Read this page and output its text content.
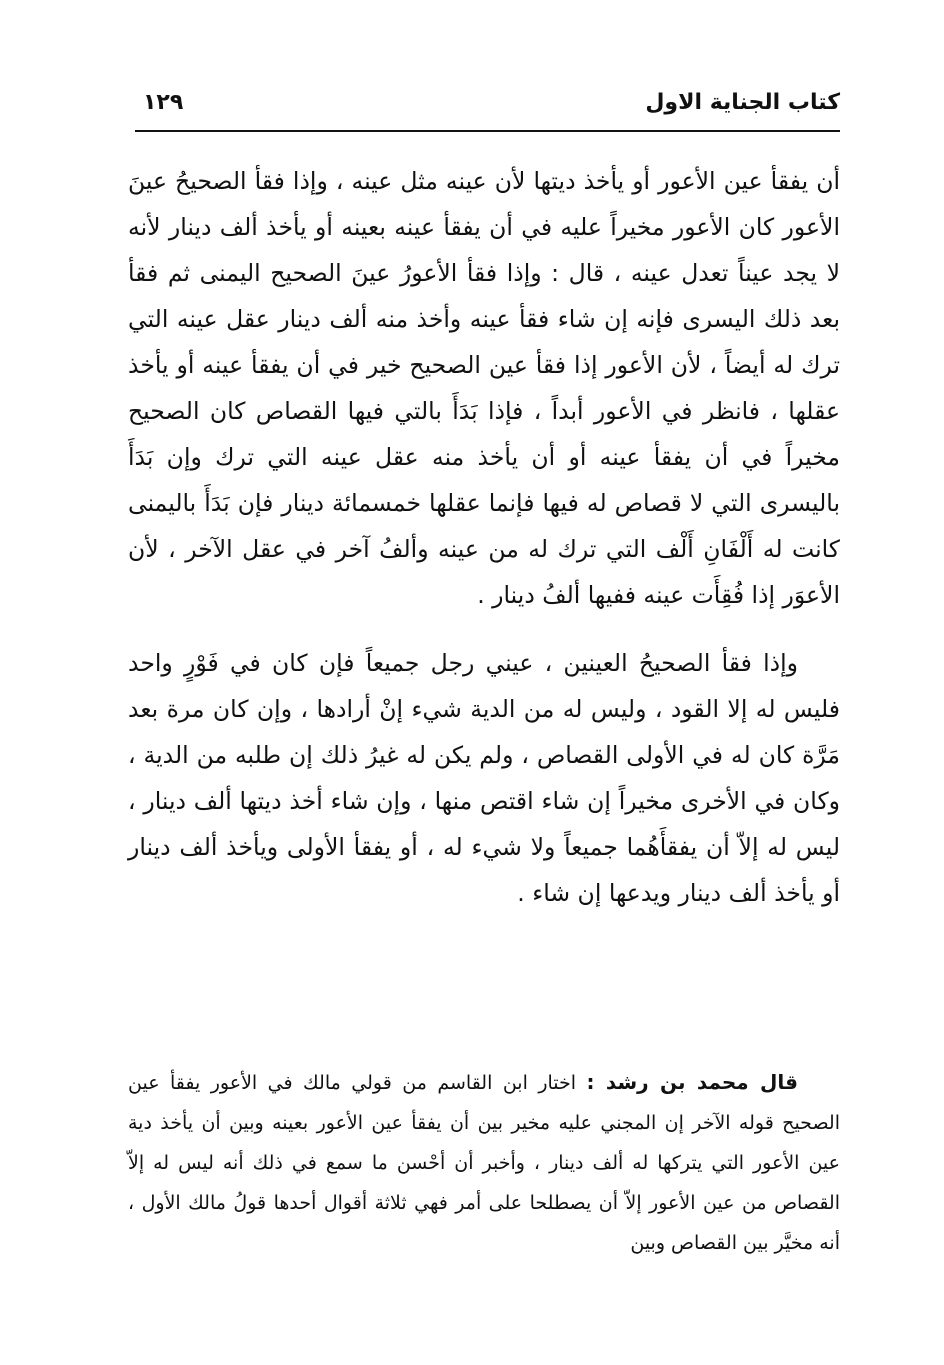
كتاب الجناية الاول
١٢٩

أن يفقأ عين الأعور أو يأخذ ديتها لأن عينه مثل عينه ، وإذا فقأ الصحيحُ عينَ الأعور كان الأعور مخيراً عليه في أن يفقأ عينه بعينه أو يأخذ ألف دينار لأنه لا يجد عيناً تعدل عينه ، قال : وإذا فقأ الأعورُ عينَ الصحيح اليمنى ثم فقأ بعد ذلك اليسرى فإنه إن شاء فقأ عينه وأخذ منه ألف دينار عقل عينه التي ترك له أيضاً ، لأن الأعور إذا فقأ عين الصحيح خير في أن يفقأ عينه أو يأخذ عقلها ، فانظر في الأعور أبداً ، فإذا بَدَأَ بالتي فيها القصاص كان الصحيح مخيراً في أن يفقأ عينه أو أن يأخذ منه عقل عينه التي ترك وإن بَدَأَ باليسرى التي لا قصاص له فيها فإنما عقلها خمسمائة دينار فإن بَدَأَ باليمنى كانت له أَلْفَانِ أَلْف التي ترك له من عينه وألفُ آخر في عقل الآخر ، لأن الأعوَر إذا فُقِأَت عينه ففيها ألفُ دينار .

وإذا فقأ الصحيحُ العينين ، عيني رجل جميعاً فإن كان في فَوْرٍ واحد فليس له إلا القود ، وليس له من الدية شيء إنْ أرادها ، وإن كان مرة بعد مَرَّة كان له في الأولى القصاص ، ولم يكن له غيرُ ذلك إن طلبه من الدية ، وكان في الأخرى مخيراً إن شاء اقتص منها ، وإن شاء أخذ ديتها ألف دينار ، ليس له إلاّ أن يفقأَهُما جميعاً ولا شيء له ، أو يفقأ الأولى ويأخذ ألف دينار أو يأخذ ألف دينار ويدعها إن شاء .

قال محمد بن رشد : اختار ابن القاسم من قولي مالك في الأعور يفقأ عين الصحيح قوله الآخر إن المجني عليه مخير بين أن يفقأ عين الأعور بعينه وبين أن يأخذ دية عين الأعور التي يتركها له ألف دينار ، وأخبر أن أحْسن ما سمع في ذلك أنه ليس له إلاّ القصاص من عين الأعور إلاّ أن يصطلحا على أمر فهي ثلاثة أقوال أحدها قولُ مالك الأول ، أنه مخيَّر بين القصاص وبين
